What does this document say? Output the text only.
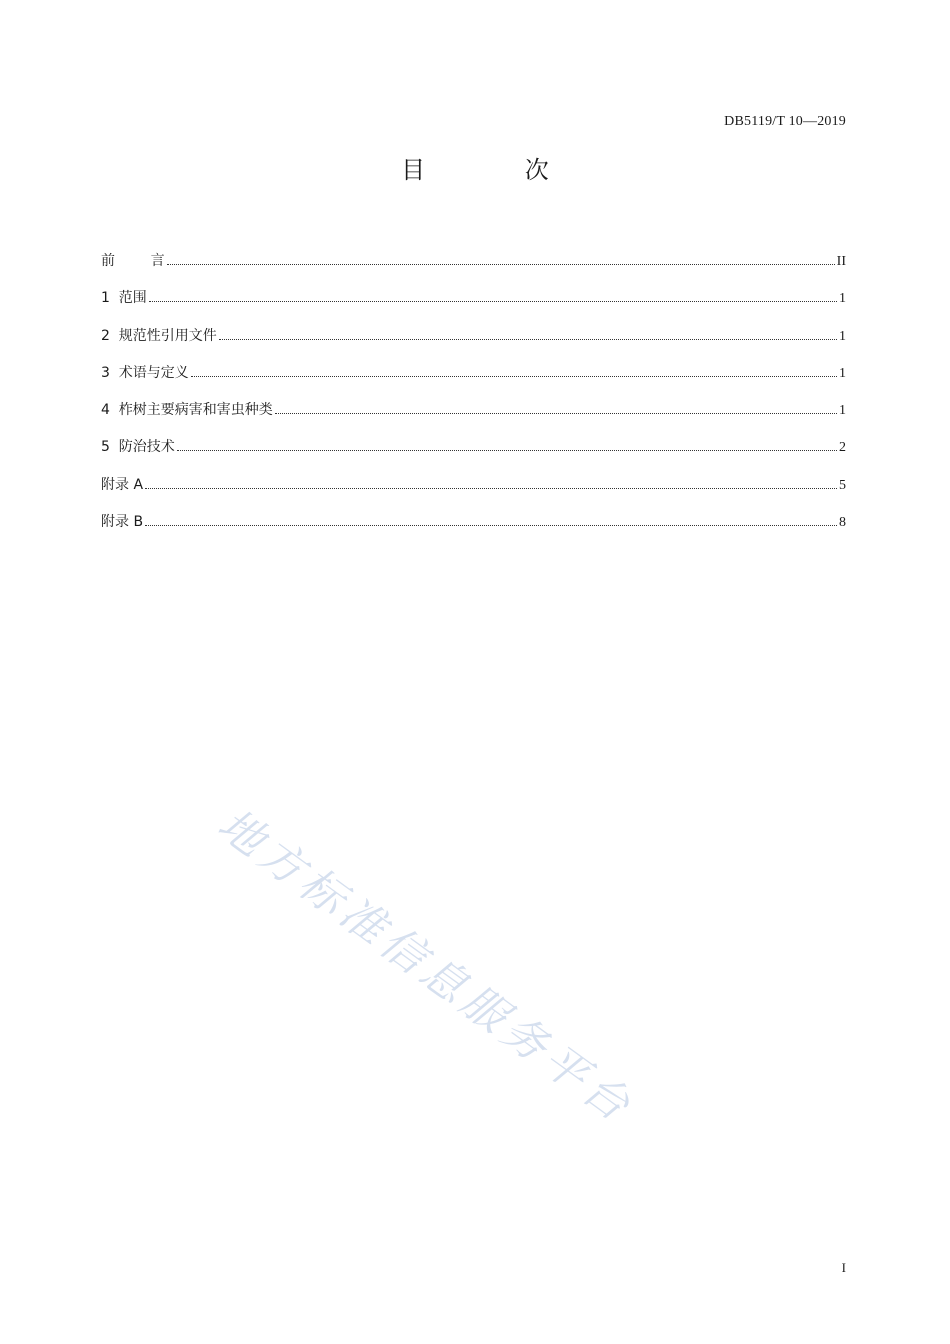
DB5119/T 10—2019
目 次
前        言	II
1  范围	1
2  规范性引用文件	1
3  术语与定义	1
4  柞树主要病害和害虫种类	1
5  防治技术	2
附录 A	5
附录 B	8
地方标准信息服务平台
I
